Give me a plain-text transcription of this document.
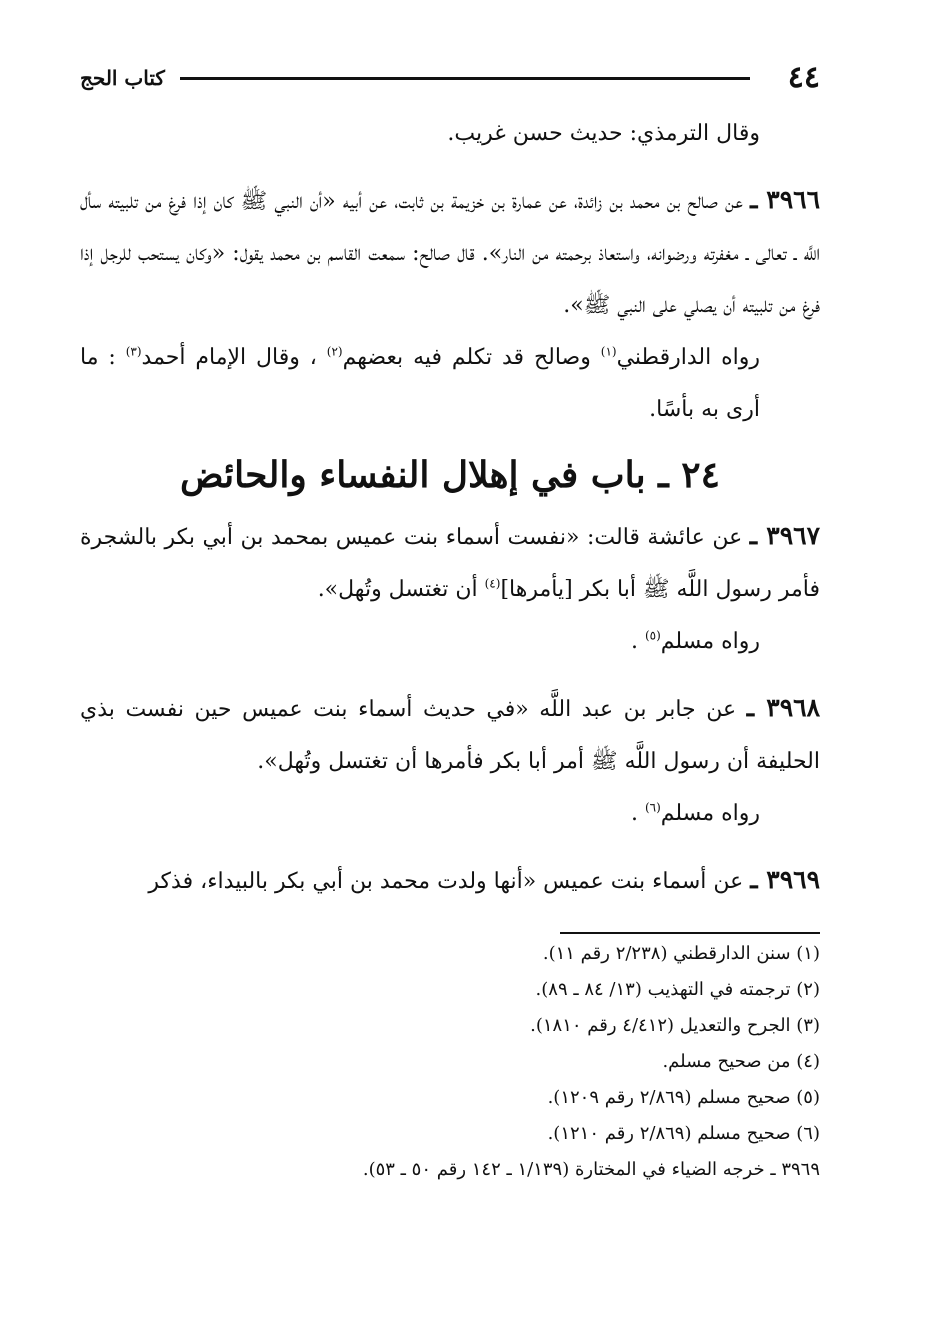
٤٤
كتاب الحج

وقال الترمذي: حديث حسن غريب.

٣٩٦٦ ـ عن صالح بن محمد بن زائدة، عن عمارة بن خزيمة بن ثابت، عن أبيه «أن النبي ﷺ كان إذا فرغ من تلبيته سأل اللَّه ـ تعالى ـ مغفرته ورضوانه، واستعاذ برحمته من النار». قال صالح: سمعت القاسم بن محمد يقول: «وكان يستحب للرجل إذا فرغ من تلبيته أن يصلي على النبي ﷺ».

رواه الدارقطني$^{(١)}$ وصالح قد تكلم فيه بعضهم$^{(٢)}$ ، وقال الإمام أحمد$^{(٣)}$ : ما أرى به بأسًا.

٢٤ ـ باب في إهلال النفساء والحائض

٣٩٦٧ ـ عن عائشة قالت: «نفست أسماء بنت عميس بمحمد بن أبي بكر بالشجرة فأمر رسول اللَّه ﷺ أبا بكر [يأمرها]$^{(٤)}$ أن تغتسل وتُهل».

رواه مسلم$^{(٥)}$ .

٣٩٦٨ ـ عن جابر بن عبد اللَّه «في حديث أسماء بنت عميس حين نفست بذي الحليفة أن رسول اللَّه ﷺ أمر أبا بكر فأمرها أن تغتسل وتُهل».

رواه مسلم$^{(٦)}$ .

٣٩٦٩ ـ عن أسماء بنت عميس «أنها ولدت محمد بن أبي بكر بالبيداء، فذكر

(١) سنن الدارقطني (٢/٢٣٨ رقم ١١).

(٢) ترجمته في التهذيب (١٣/ ٨٤ ـ ٨٩).

(٣) الجرح والتعديل (٤/٤١٢ رقم ١٨١٠).

(٤) من صحيح مسلم.

(٥) صحيح مسلم (٢/٨٦٩ رقم ١٢٠٩).

(٦) صحيح مسلم (٢/٨٦٩ رقم ١٢١٠).

٣٩٦٩ ـ خرجه الضياء في المختارة (١/١٣٩ ـ ١٤٢ رقم ٥٠ ـ ٥٣).
